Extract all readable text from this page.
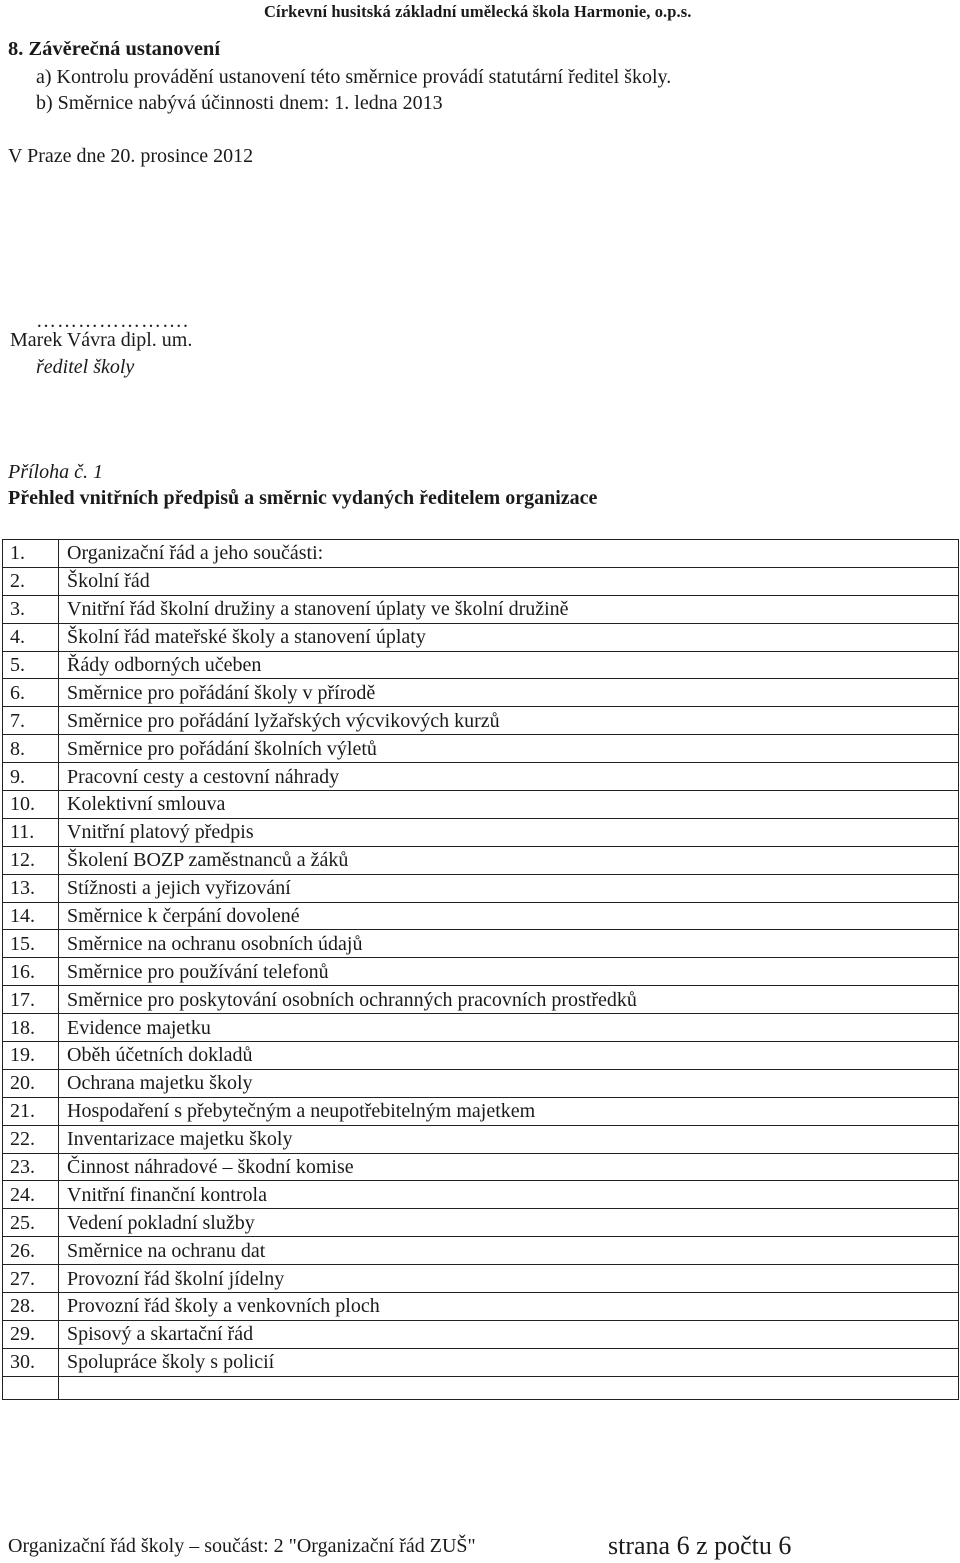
Církevní husitská základní umělecká škola Harmonie, o.p.s.
8. Závěrečná ustanovení
a) Kontrolu provádění ustanovení této směrnice provádí statutární ředitel školy.
b) Směrnice nabývá účinnosti dnem: 1. ledna 2013
V Praze dne 20. prosince 2012
………………….
Marek Vávra dipl. um.
ředitel školy
Příloha č. 1
Přehled vnitřních předpisů a směrnic vydaných ředitelem organizace
1.	Organizační řád a jeho součásti:
2.	Školní řád
3.	Vnitřní řád školní družiny a stanovení úplaty ve školní družině
4.	Školní řád mateřské školy a stanovení úplaty
5.	Řády odborných učeben
6.	Směrnice pro pořádání školy v přírodě
7.	Směrnice pro pořádání lyžařských výcvikových kurzů
8.	Směrnice pro pořádání školních výletů
9.	Pracovní cesty a cestovní náhrady
10.	Kolektivní smlouva
11.	Vnitřní platový předpis
12.	Školení BOZP zaměstnanců a žáků
13.	Stížnosti a jejich vyřizování
14.	Směrnice k čerpání dovolené
15.	Směrnice na ochranu osobních údajů
16.	Směrnice pro používání telefonů
17.	Směrnice pro poskytování osobních ochranných pracovních prostředků
18.	Evidence majetku
19.	Oběh účetních dokladů
20.	Ochrana majetku školy
21.	Hospodaření s přebytečným a neupotřebitelným majetkem
22.	Inventarizace majetku školy
23.	Činnost náhradové – škodní komise
24.	Vnitřní finanční kontrola
25.	Vedení pokladní služby
26.	Směrnice na ochranu dat
27.	Provozní řád školní jídelny
28.	Provozní řád školy a venkovních ploch
29.	Spisový a skartační řád
30.	Spolupráce školy s policií

Organizační řád školy – součást: 2 "Organizační řád ZUŠ"	strana 6 z počtu 6
